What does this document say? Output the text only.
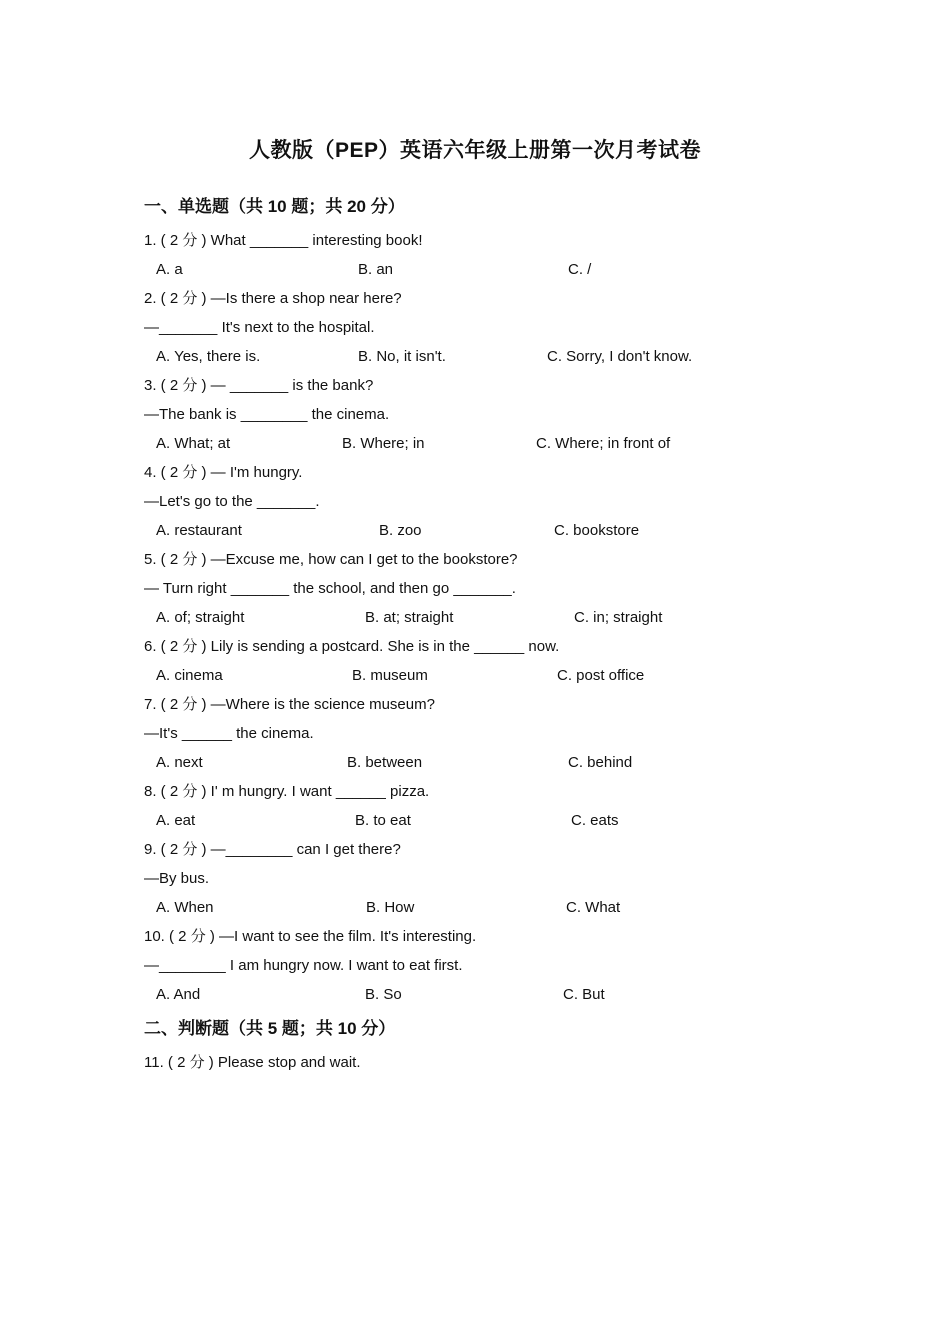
人教版（PEP）英语六年级上册第一次月考试卷
一、单选题（共 10 题；共 20 分）
1. ( 2 分 ) What _______ interesting book!
A. a	B. an	C. /
2. ( 2 分 ) —Is there a shop near here?
—_______ It's next to the hospital.
A. Yes, there is.	B. No, it isn't.	C. Sorry, I don't know.
3. ( 2 分 ) — _______ is the bank?
—The bank is ________ the cinema.
A. What; at	B. Where; in	C. Where; in front of
4. ( 2 分 ) — I'm hungry.
—Let's go to the _______.
A. restaurant	B. zoo	C. bookstore
5. ( 2 分 ) —Excuse me, how can I get to the bookstore?
— Turn right _______ the school, and then go _______.
A. of; straight	B. at; straight	C. in; straight
6. ( 2 分 ) Lily is sending a postcard. She is in the ______ now.
A. cinema	B. museum	C. post office
7. ( 2 分 ) —Where is the science museum?
—It's ______ the cinema.
A. next	B. between	C. behind
8. ( 2 分 ) I' m hungry. I want ______ pizza.
A. eat	B. to eat	C. eats
9. ( 2 分 ) —________ can I get there?
—By bus.
A. When	B. How	C. What
10. ( 2 分 ) —I want to see the film. It's interesting.
—________ I am hungry now. I want to eat first.
A. And	B. So	C. But
二、判断题（共 5 题；共 10 分）
11. ( 2 分 ) Please stop and wait.
